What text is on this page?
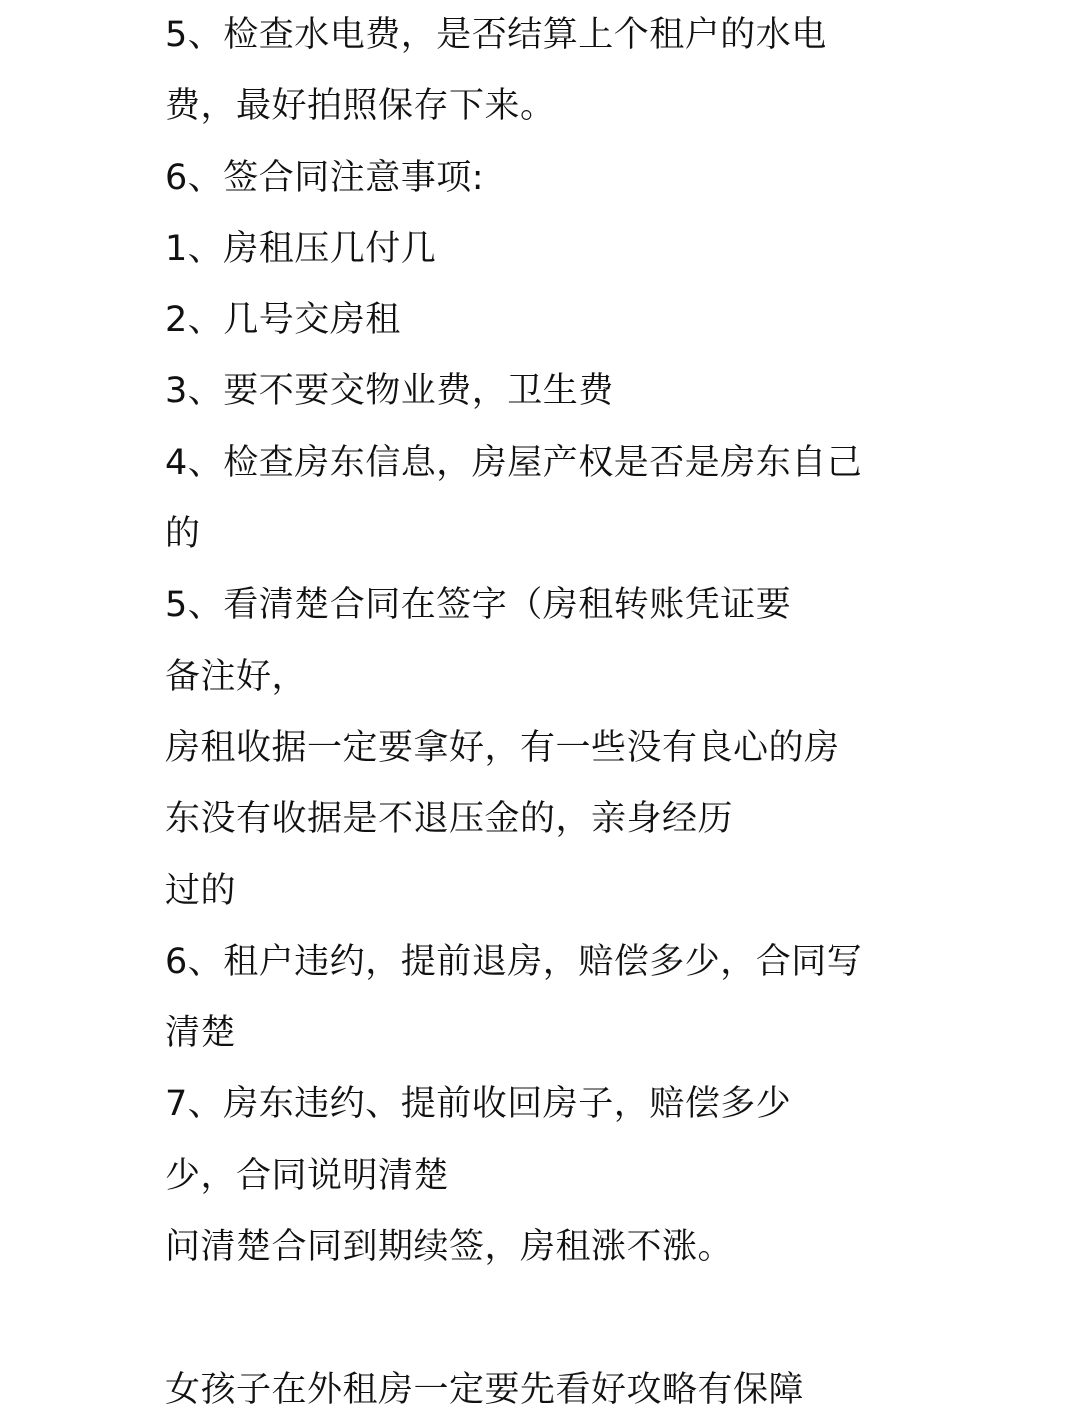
5、检查水电费，是否结算上个租户的水电
费，最好拍照保存下来。
6、签合同注意事项:
1、房租压几付几
2、几号交房租
3、要不要交物业费，卫生费
4、检查房东信息，房屋产权是否是房东自己
的
5、看清楚合同在签字（房租转账凭证要
备注好，
房租收据一定要拿好，有一些没有良心的房
东没有收据是不退压金的，亲身经历
过的
6、租户违约，提前退房，赔偿多少，合同写
清楚
7、房东违约、提前收回房子，赔偿多少
少，合同说明清楚
问清楚合同到期续签，房租涨不涨。
女孩子在外租房一定要先看好攻略有保障
